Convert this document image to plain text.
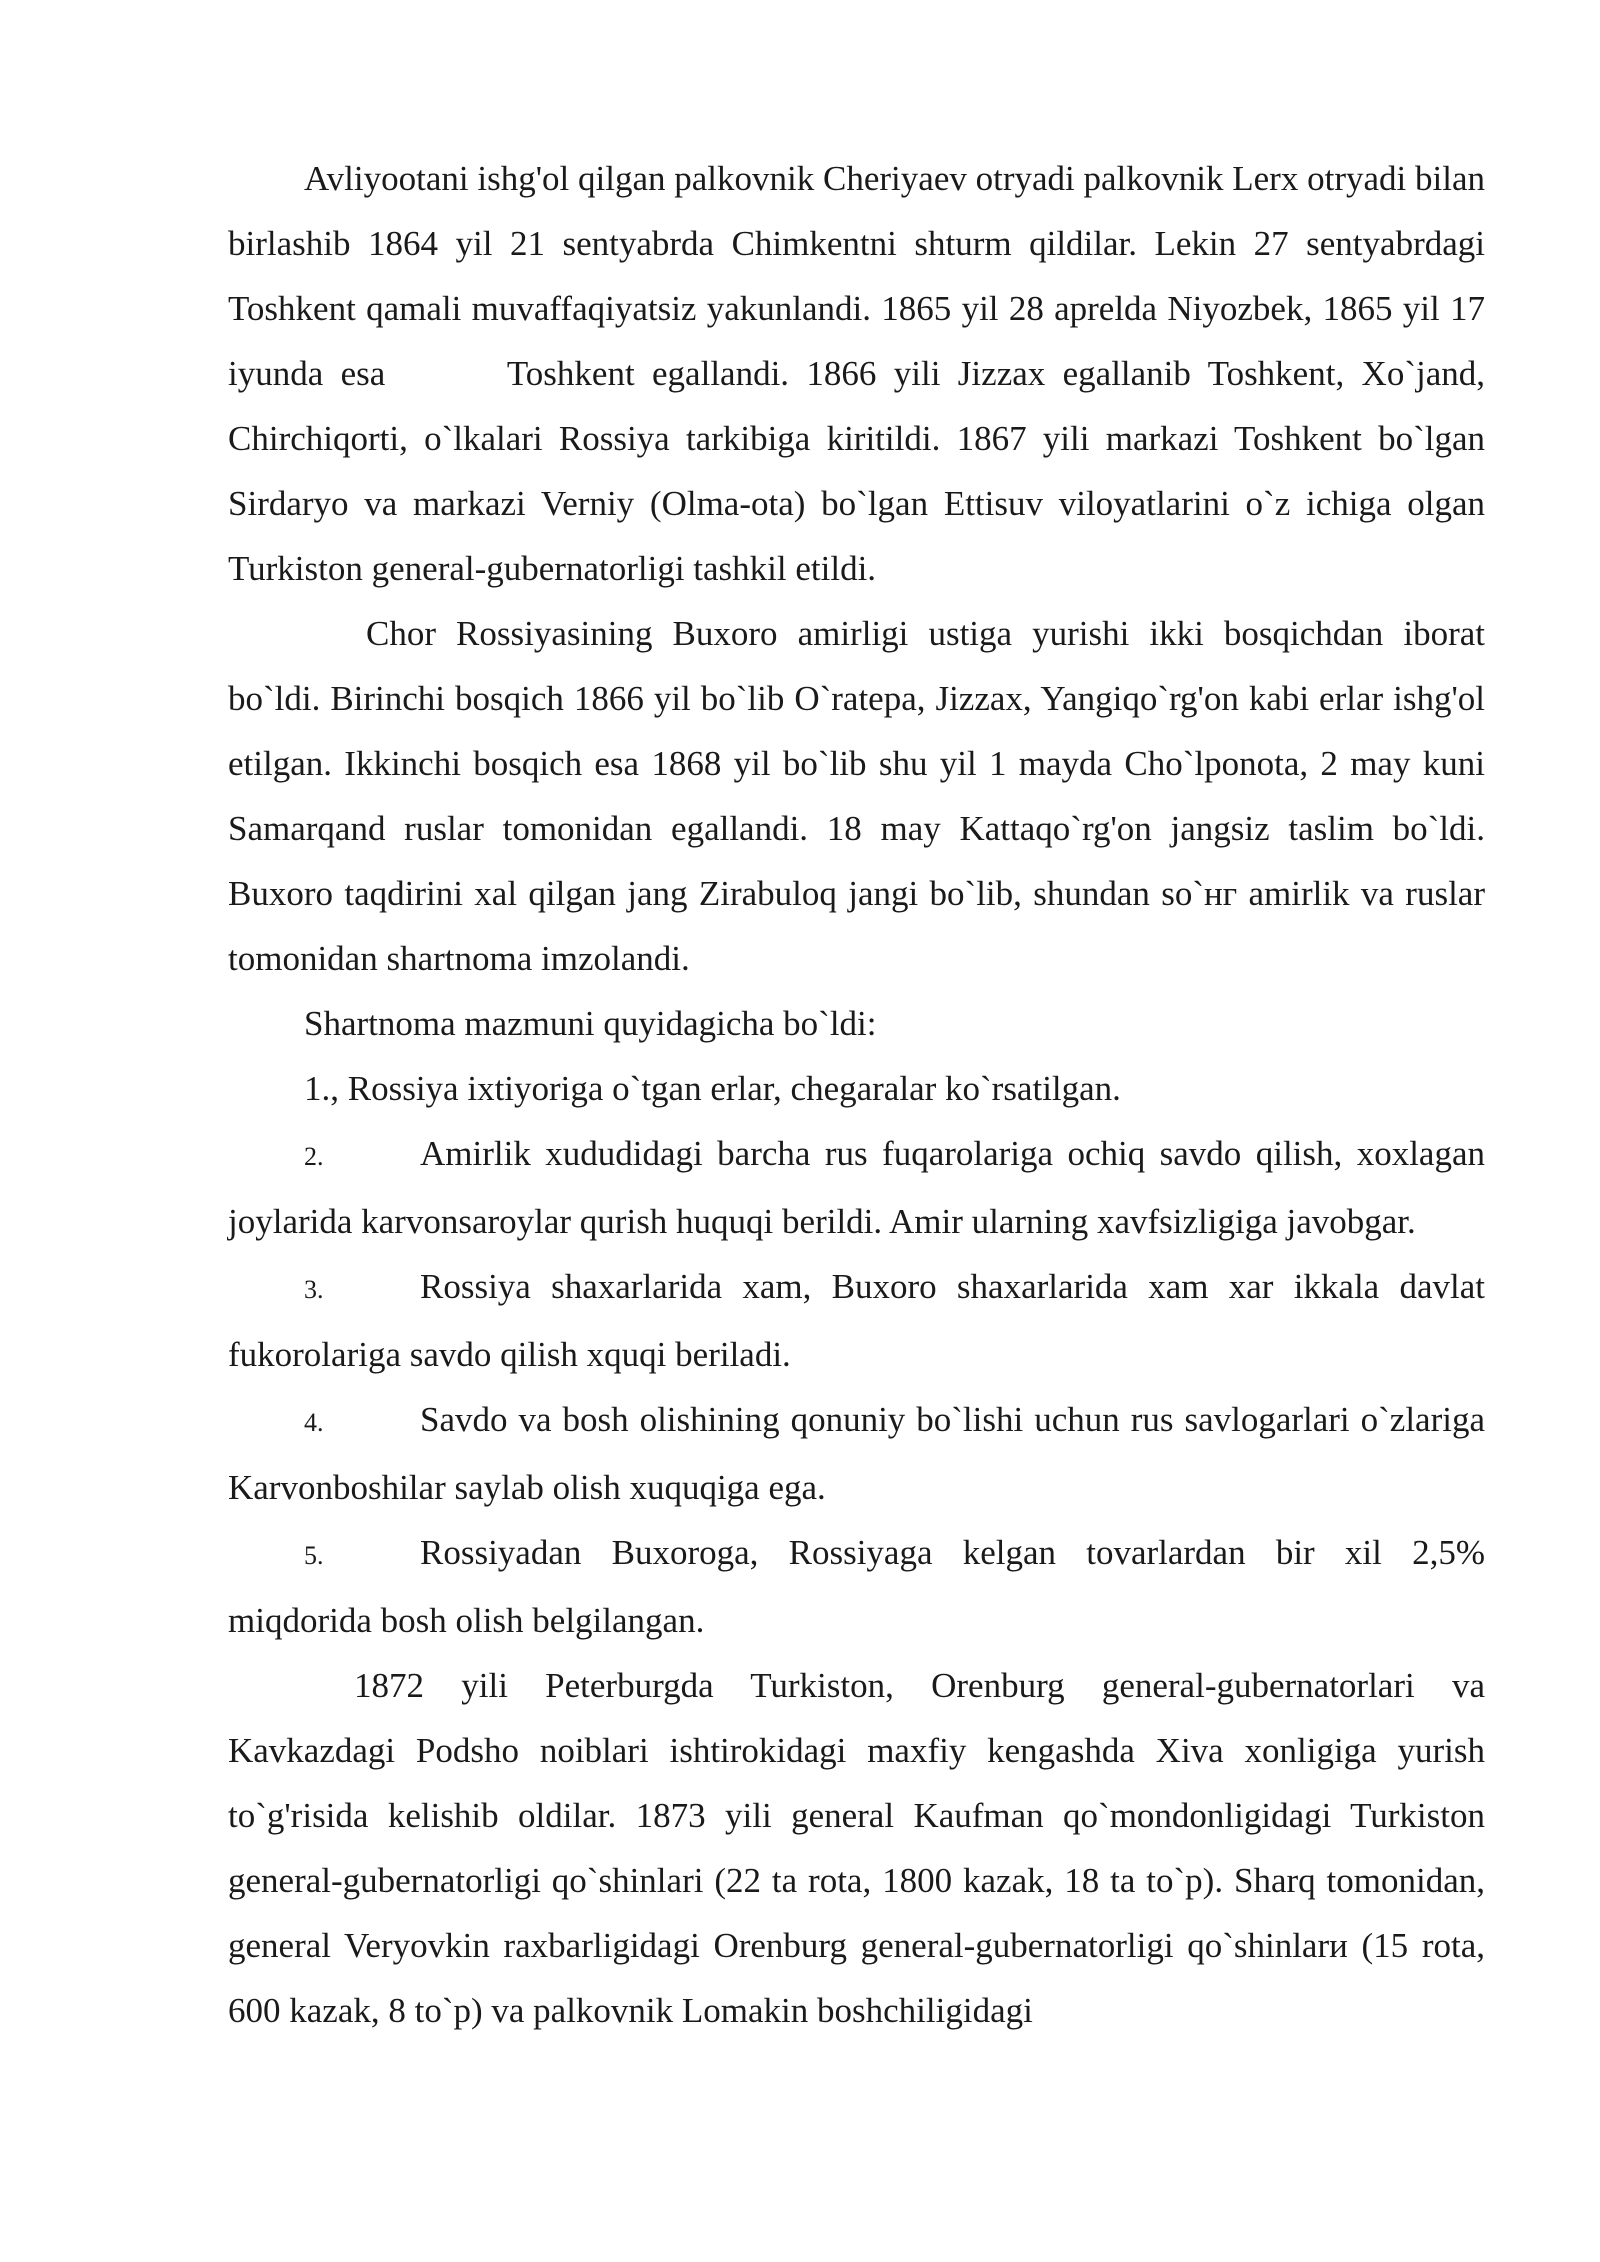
Avliyootani ishg'ol qilgan palkovnik Cheriyaev otryadi palkovnik Lerx otryadi bilan birlashib 1864 yil 21 sentyabrda Chimkentni shturm qildilar. Lekin 27 sentyabrdagi Toshkent qamali muvaffaqiyatsiz yakunlandi. 1865 yil 28 aprelda Niyozbek, 1865 yil 17 iyunda esa       Toshkent egallandi. 1866 yili Jizzax egallanib Toshkent, Xo`jand, Chirchiqorti, o`lkalari Rossiya tarkibiga kiritildi. 1867 yili markazi Toshkent bo`lgan Sirdaryo va markazi Verniy (Olma-ota) bo`lgan Ettisuv viloyatlarini o`z ichiga olgan Turkiston general-gubernatorligi tashkil etildi.

Chor Rossiyasining Buxoro amirligi ustiga yurishi ikki bosqichdan iborat bo`ldi. Birinchi bosqich 1866 yil bo`lib O`ratepa, Jizzax, Yangiqo`rg'on kabi erlar ishg'ol etilgan. Ikkinchi bosqich esa 1868 yil bo`lib shu yil 1 mayda Cho`lponota, 2 may kuni Samarqand ruslar tomonidan egallandi. 18 may Kattaqo`rg'on jangsiz taslim bo`ldi. Buxoro taqdirini xal qilgan jang Zirabuloq jangi bo`lib, shundan so`нг amirlik va ruslar tomonidan shartnoma imzolandi.

Shartnoma mazmuni quyidagicha bo`ldi:

1., Rossiya ixtiyoriga o`tgan erlar, chegaralar ko`rsatilgan.

2.	Amirlik xududidagi barcha rus fuqarolariga ochiq savdo qilish, xoxlagan joylarida karvonsaroylar qurish huquqi berildi. Amir ularning xavfsizligiga javobgar.

3.	Rossiya shaxarlarida xam, Buxoro shaxarlarida xam xar ikkala davlat fukorolariga savdo qilish xquqi beriladi.

4.	Savdo va bosh olishining qonuniy bo`lishi uchun rus savlogarlari o`zlariga Karvonboshilar saylab olish xuquqiga ega.

5.	Rossiyadan Buxoroga, Rossiyaga kelgan tovarlardan bir xil 2,5% miqdorida bosh olish belgilangan.

1872 yili Peterburgda Turkiston, Orenburg general-gubernatorlari va Kavkazdagi Podsho noiblari ishtirokidagi maxfiy kengashda Xiva xonligiga yurish to`g'risida kelishib oldilar. 1873 yili general Kaufman qo`mondonligidagi Turkiston general-gubernatorligi qo`shinlari (22 ta rota, 1800 kazak, 18 ta to`p). Sharq tomonidan, general Veryovkin raxbarligidagi Orenburg general-gubernatorligi qo`shinlarи (15 rota, 600 kazak, 8 to`p) va palkovnik Lomakin boshchiligidagi
